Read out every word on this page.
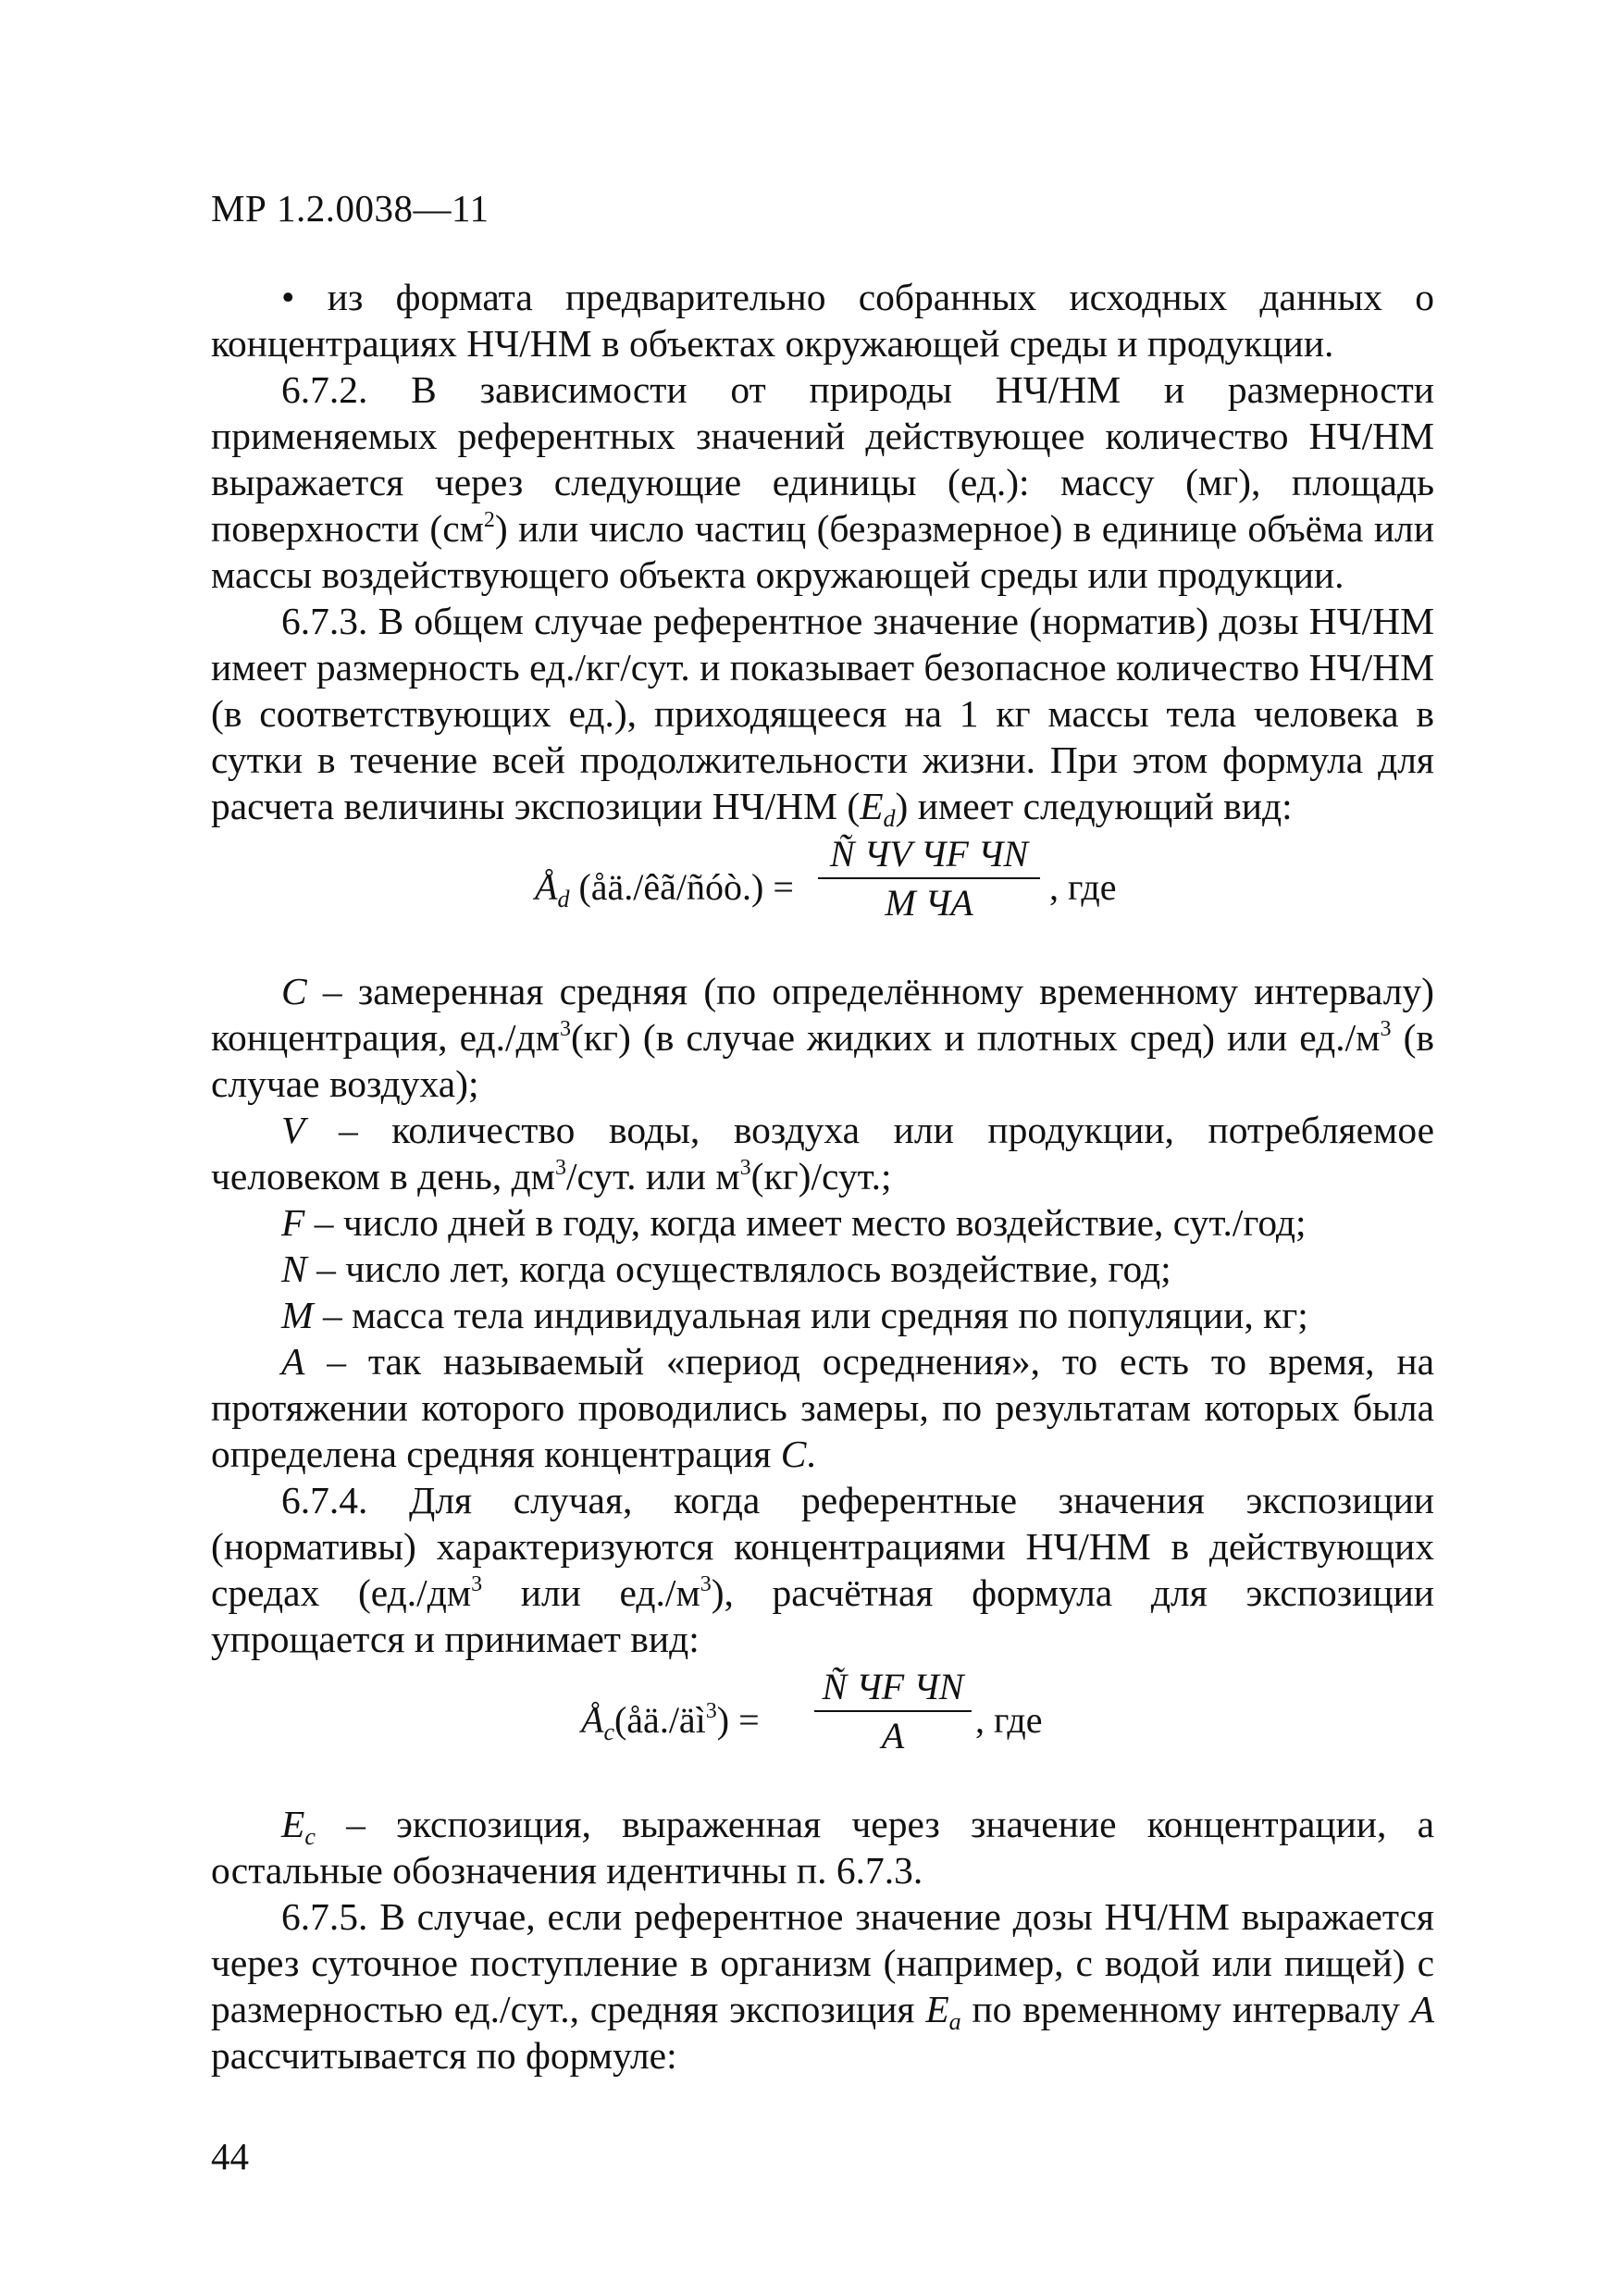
МР 1.2.0038—11

• из формата предварительно собранных исходных данных о концентрациях НЧ/НМ в объектах окружающей среды и продукции.

6.7.2. В зависимости от природы НЧ/НМ и размерности применяемых референтных значений действующее количество НЧ/НМ выражается через следующие единицы (ед.): массу (мг), площадь поверхности $(см^2)$ или число частиц (безразмерное) в единице объёма или массы воздействующего объекта окружающей среды или продукции.

6.7.3. В общем случае референтное значение (норматив) дозы НЧ/НМ имеет размерность ед./кг/сут. и показывает безопасное количество НЧ/НМ (в соответствующих ед.), приходящееся на 1 кг массы тела человека в сутки в течение всей продолжительности жизни. При этом формула для расчета величины экспозиции НЧ/НМ $(E_d)$ имеет следующий вид:

$Å_d$ (åä./êã/ñóò.) =
Ñ ЧV ЧF ЧN
M ЧA	, где

C – замеренная средняя (по определённому временному интервалу) концентрация, $ед./дм^3(кг)$ (в случае жидких и плотных сред) или $ед./м^3$ (в случае воздуха);

V – количество воды, воздуха или продукции, потребляемое человеком в день, $дм^3$/сут. или $м^3(кг)$/сут.;

F – число дней в году, когда имеет место воздействие, сут./год;

N – число лет, когда осуществлялось воздействие, год;

M – масса тела индивидуальная или средняя по популяции, кг;

A – так называемый «период осреднения», то есть то время, на протяжении которого проводились замеры, по результатам которых была определена средняя концентрация C.

6.7.4. Для случая, когда референтные значения экспозиции (нормативы) характеризуются концентрациями НЧ/НМ в действующих средах ($ед./дм^3$ или $ед./м^3$), расчётная формула для экспозиции упрощается и принимает вид:

$Å_c(åä./äì^3)$ =
Ñ ЧF ЧN
A	, где

$E_c$ – экспозиция, выраженная через значение концентрации, а остальные обозначения идентичны п. 6.7.3.

6.7.5. В случае, если референтное значение дозы НЧ/НМ выражается через суточное поступление в организм (например, с водой или пищей) с размерностью ед./сут., средняя экспозиция $E_a$ по временному интервалу A рассчитывается по формуле:

44
